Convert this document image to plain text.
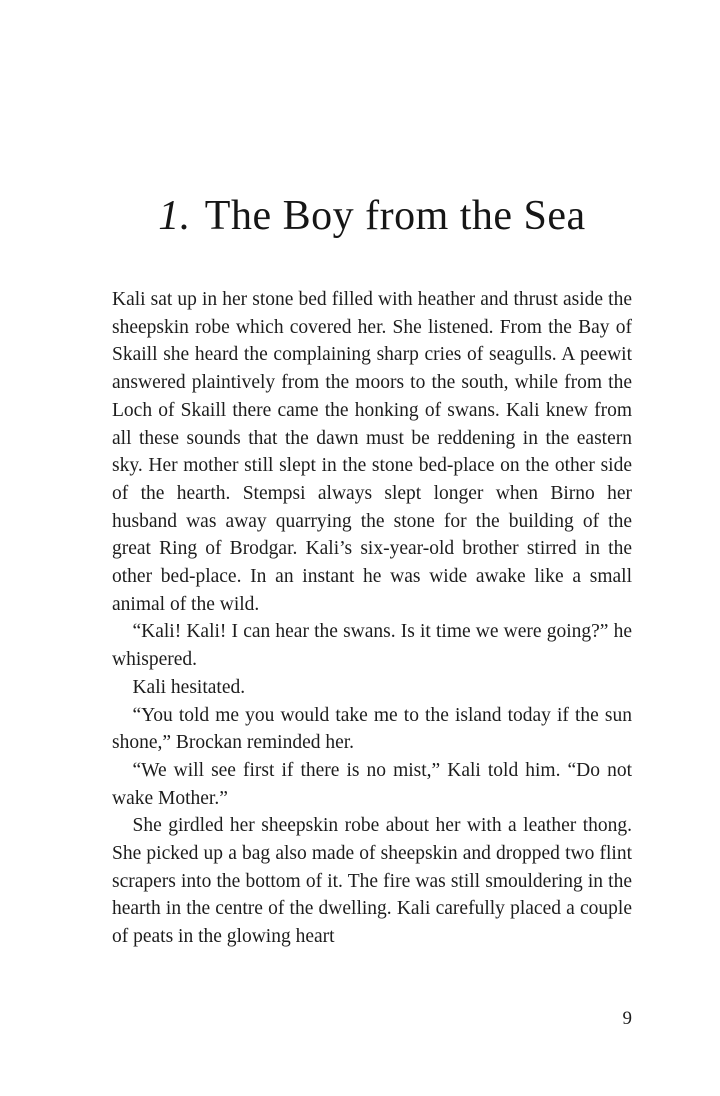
1. The Boy from the Sea

Kali sat up in her stone bed filled with heather and thrust aside the sheepskin robe which covered her. She listened. From the Bay of Skaill she heard the complaining sharp cries of seagulls. A peewit answered plaintively from the moors to the south, while from the Loch of Skaill there came the honking of swans. Kali knew from all these sounds that the dawn must be reddening in the eastern sky. Her mother still slept in the stone bed-place on the other side of the hearth. Stempsi always slept longer when Birno her husband was away quarrying the stone for the building of the great Ring of Brodgar. Kali’s six-year-old brother stirred in the other bed-place. In an instant he was wide awake like a small animal of the wild.

“Kali! Kali! I can hear the swans. Is it time we were going?” he whispered.

Kali hesitated.

“You told me you would take me to the island today if the sun shone,” Brockan reminded her.

“We will see first if there is no mist,” Kali told him. “Do not wake Mother.”

She girdled her sheepskin robe about her with a leather thong. She picked up a bag also made of sheepskin and dropped two flint scrapers into the bottom of it. The fire was still smouldering in the hearth in the centre of the dwelling. Kali carefully placed a couple of peats in the glowing heart

9
